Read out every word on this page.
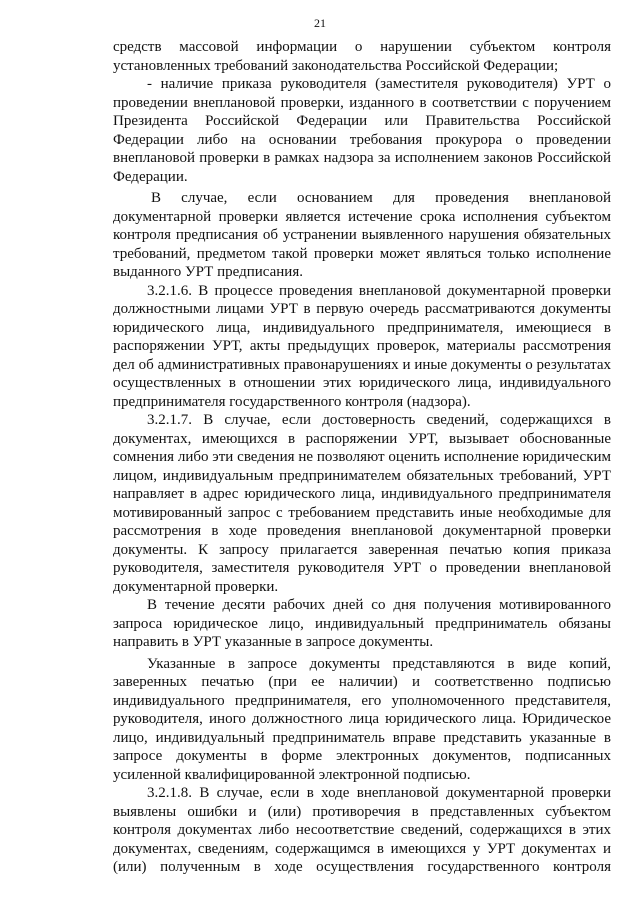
21
средств массовой информации о нарушении субъектом контроля
установленных требований законодательства Российской Федерации;
- наличие приказа руководителя (заместителя руководителя) УРТ о
проведении внеплановой проверки, изданного в соответствии с поручением
Президента Российской Федерации или Правительства Российской
Федерации либо на основании требования прокурора о проведении
внеплановой проверки в рамках надзора за исполнением законов Российской
Федерации.
В случае, если основанием для проведения внеплановой
документарной проверки является истечение срока исполнения субъектом
контроля предписания об устранении выявленного нарушения обязательных
требований, предметом такой проверки может являться только исполнение
выданного УРТ предписания.
3.2.1.6. В процессе проведения внеплановой документарной проверки
должностными лицами УРТ в первую очередь рассматриваются документы
юридического лица, индивидуального предпринимателя, имеющиеся в
распоряжении УРТ, акты предыдущих проверок, материалы рассмотрения
дел об административных правонарушениях и иные документы о результатах
осуществленных в отношении этих юридического лица, индивидуального
предпринимателя государственного контроля (надзора).
3.2.1.7. В случае, если достоверность сведений, содержащихся в
документах, имеющихся в распоряжении УРТ, вызывает обоснованные
сомнения либо эти сведения не позволяют оценить исполнение юридическим
лицом, индивидуальным предпринимателем обязательных требований, УРТ
направляет в адрес юридического лица, индивидуального предпринимателя
мотивированный запрос с требованием представить иные необходимые для
рассмотрения в ходе проведения внеплановой документарной проверки
документы. К запросу прилагается заверенная печатью копия приказа
руководителя, заместителя руководителя УРТ о проведении внеплановой
документарной проверки.
В течение десяти рабочих дней со дня получения мотивированного
запроса юридическое лицо, индивидуальный предприниматель обязаны
направить в УРТ указанные в запросе документы.
Указанные в запросе документы представляются в виде копий,
заверенных печатью (при ее наличии) и соответственно подписью
индивидуального предпринимателя, его уполномоченного представителя,
руководителя, иного должностного лица юридического лица. Юридическое
лицо, индивидуальный предприниматель вправе представить указанные в
запросе документы в форме электронных документов, подписанных
усиленной квалифицированной электронной подписью.
3.2.1.8. В случае, если в ходе внеплановой документарной проверки
выявлены ошибки и (или) противоречия в представленных субъектом
контроля документах либо несоответствие сведений, содержащихся в этих
документах, сведениям, содержащимся в имеющихся у УРТ документах и
(или) полученным в ходе осуществления государственного контроля
